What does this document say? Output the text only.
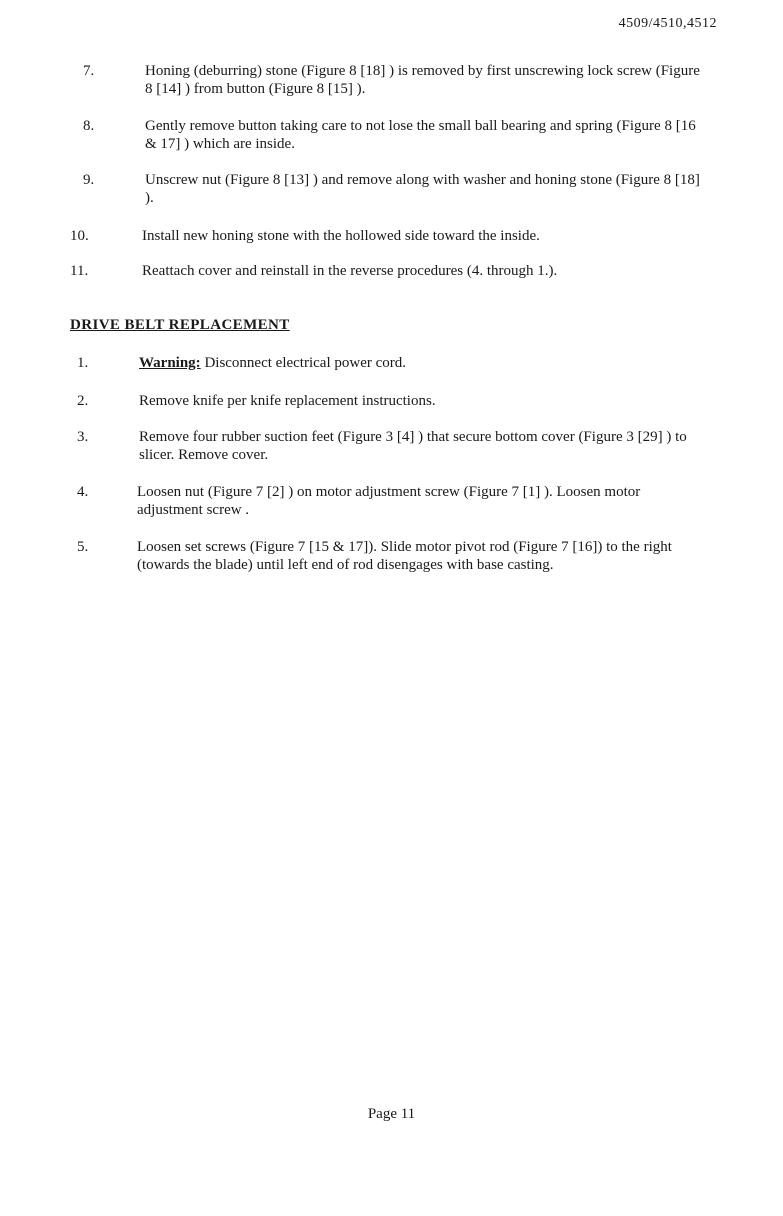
4509/4510,4512
7.	Honing (deburring) stone (Figure 8 [18] ) is removed by first unscrewing lock screw (Figure 8 [14] ) from button (Figure 8 [15] ).
8.	Gently remove button taking care to not lose the small ball bearing and spring (Figure 8 [16 & 17] ) which are inside.
9.	Unscrew nut (Figure 8 [13] ) and remove along with washer and honing stone (Figure 8 [18] ).
10.	Install new honing stone with the hollowed side toward the inside.
11.	Reattach cover and reinstall in the reverse procedures (4. through 1.).
DRIVE BELT REPLACEMENT
1.	Warning: Disconnect electrical power cord.
2.	Remove knife per knife replacement instructions.
3.	Remove four rubber suction feet (Figure 3 [4] ) that secure bottom cover (Figure 3 [29] ) to slicer. Remove cover.
4.	Loosen nut (Figure 7 [2] ) on motor adjustment screw (Figure 7 [1] ). Loosen motor adjustment screw .
5.	Loosen set screws (Figure 7 [15 & 17]). Slide motor pivot rod (Figure 7 [16]) to the right (towards the blade) until left end of rod disengages with base casting.
Page 11
